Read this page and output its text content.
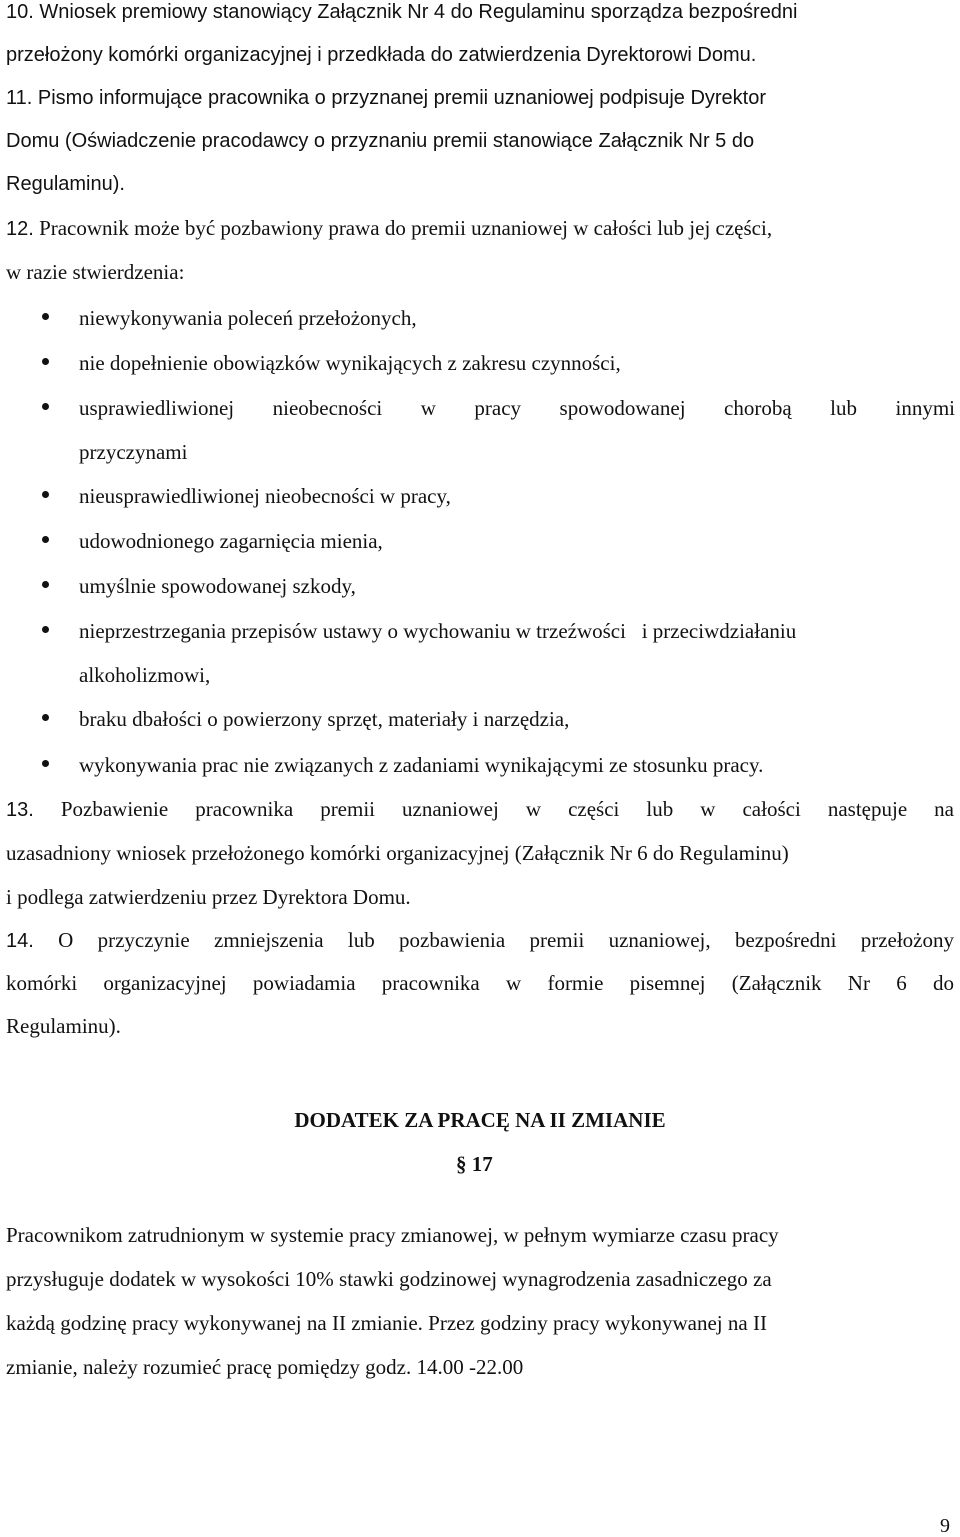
10. Wniosek premiowy stanowiący Załącznik Nr 4 do Regulaminu sporządza bezpośredni
przełożony komórki organizacyjnej i przedkłada do zatwierdzenia Dyrektorowi Domu.
11. Pismo informujące pracownika o przyznanej premii uznaniowej podpisuje Dyrektor
Domu (Oświadczenie pracodawcy o przyznaniu premii stanowiące Załącznik Nr 5 do
Regulaminu).
12. Pracownik może być pozbawiony prawa do premii uznaniowej w całości lub jej części,
w razie stwierdzenia:
niewykonywania poleceń przełożonych,
nie dopełnienie obowiązków wynikających z zakresu czynności,
usprawiedliwionej nieobecności w pracy spowodowanej chorobą lub innymi
przyczynami
nieusprawiedliwionej nieobecności w pracy,
udowodnionego zagarnięcia mienia,
umyślnie spowodowanej szkody,
nieprzestrzegania przepisów ustawy o wychowaniu w trzeźwości   i przeciwdziałaniu
alkoholizmowi,
braku dbałości o powierzony sprzęt, materiały i narzędzia,
wykonywania prac nie związanych z zadaniami wynikającymi ze stosunku pracy.
13. Pozbawienie pracownika premii uznaniowej w części lub w całości następuje na
uzasadniony wniosek przełożonego komórki organizacyjnej (Załącznik Nr 6 do Regulaminu)
i podlega zatwierdzeniu przez Dyrektora Domu.
14. O przyczynie zmniejszenia lub pozbawienia premii uznaniowej, bezpośredni przełożony
komórki organizacyjnej powiadamia pracownika w formie pisemnej (Załącznik Nr 6 do
Regulaminu).
DODATEK ZA PRACĘ NA II ZMIANIE
§ 17
Pracownikom zatrudnionym w systemie pracy zmianowej, w pełnym wymiarze czasu pracy
przysługuje dodatek w wysokości 10% stawki godzinowej wynagrodzenia zasadniczego za
każdą godzinę pracy wykonywanej na II zmianie. Przez godziny pracy wykonywanej na II
zmianie, należy rozumieć pracę pomiędzy godz. 14.00 -22.00
9
